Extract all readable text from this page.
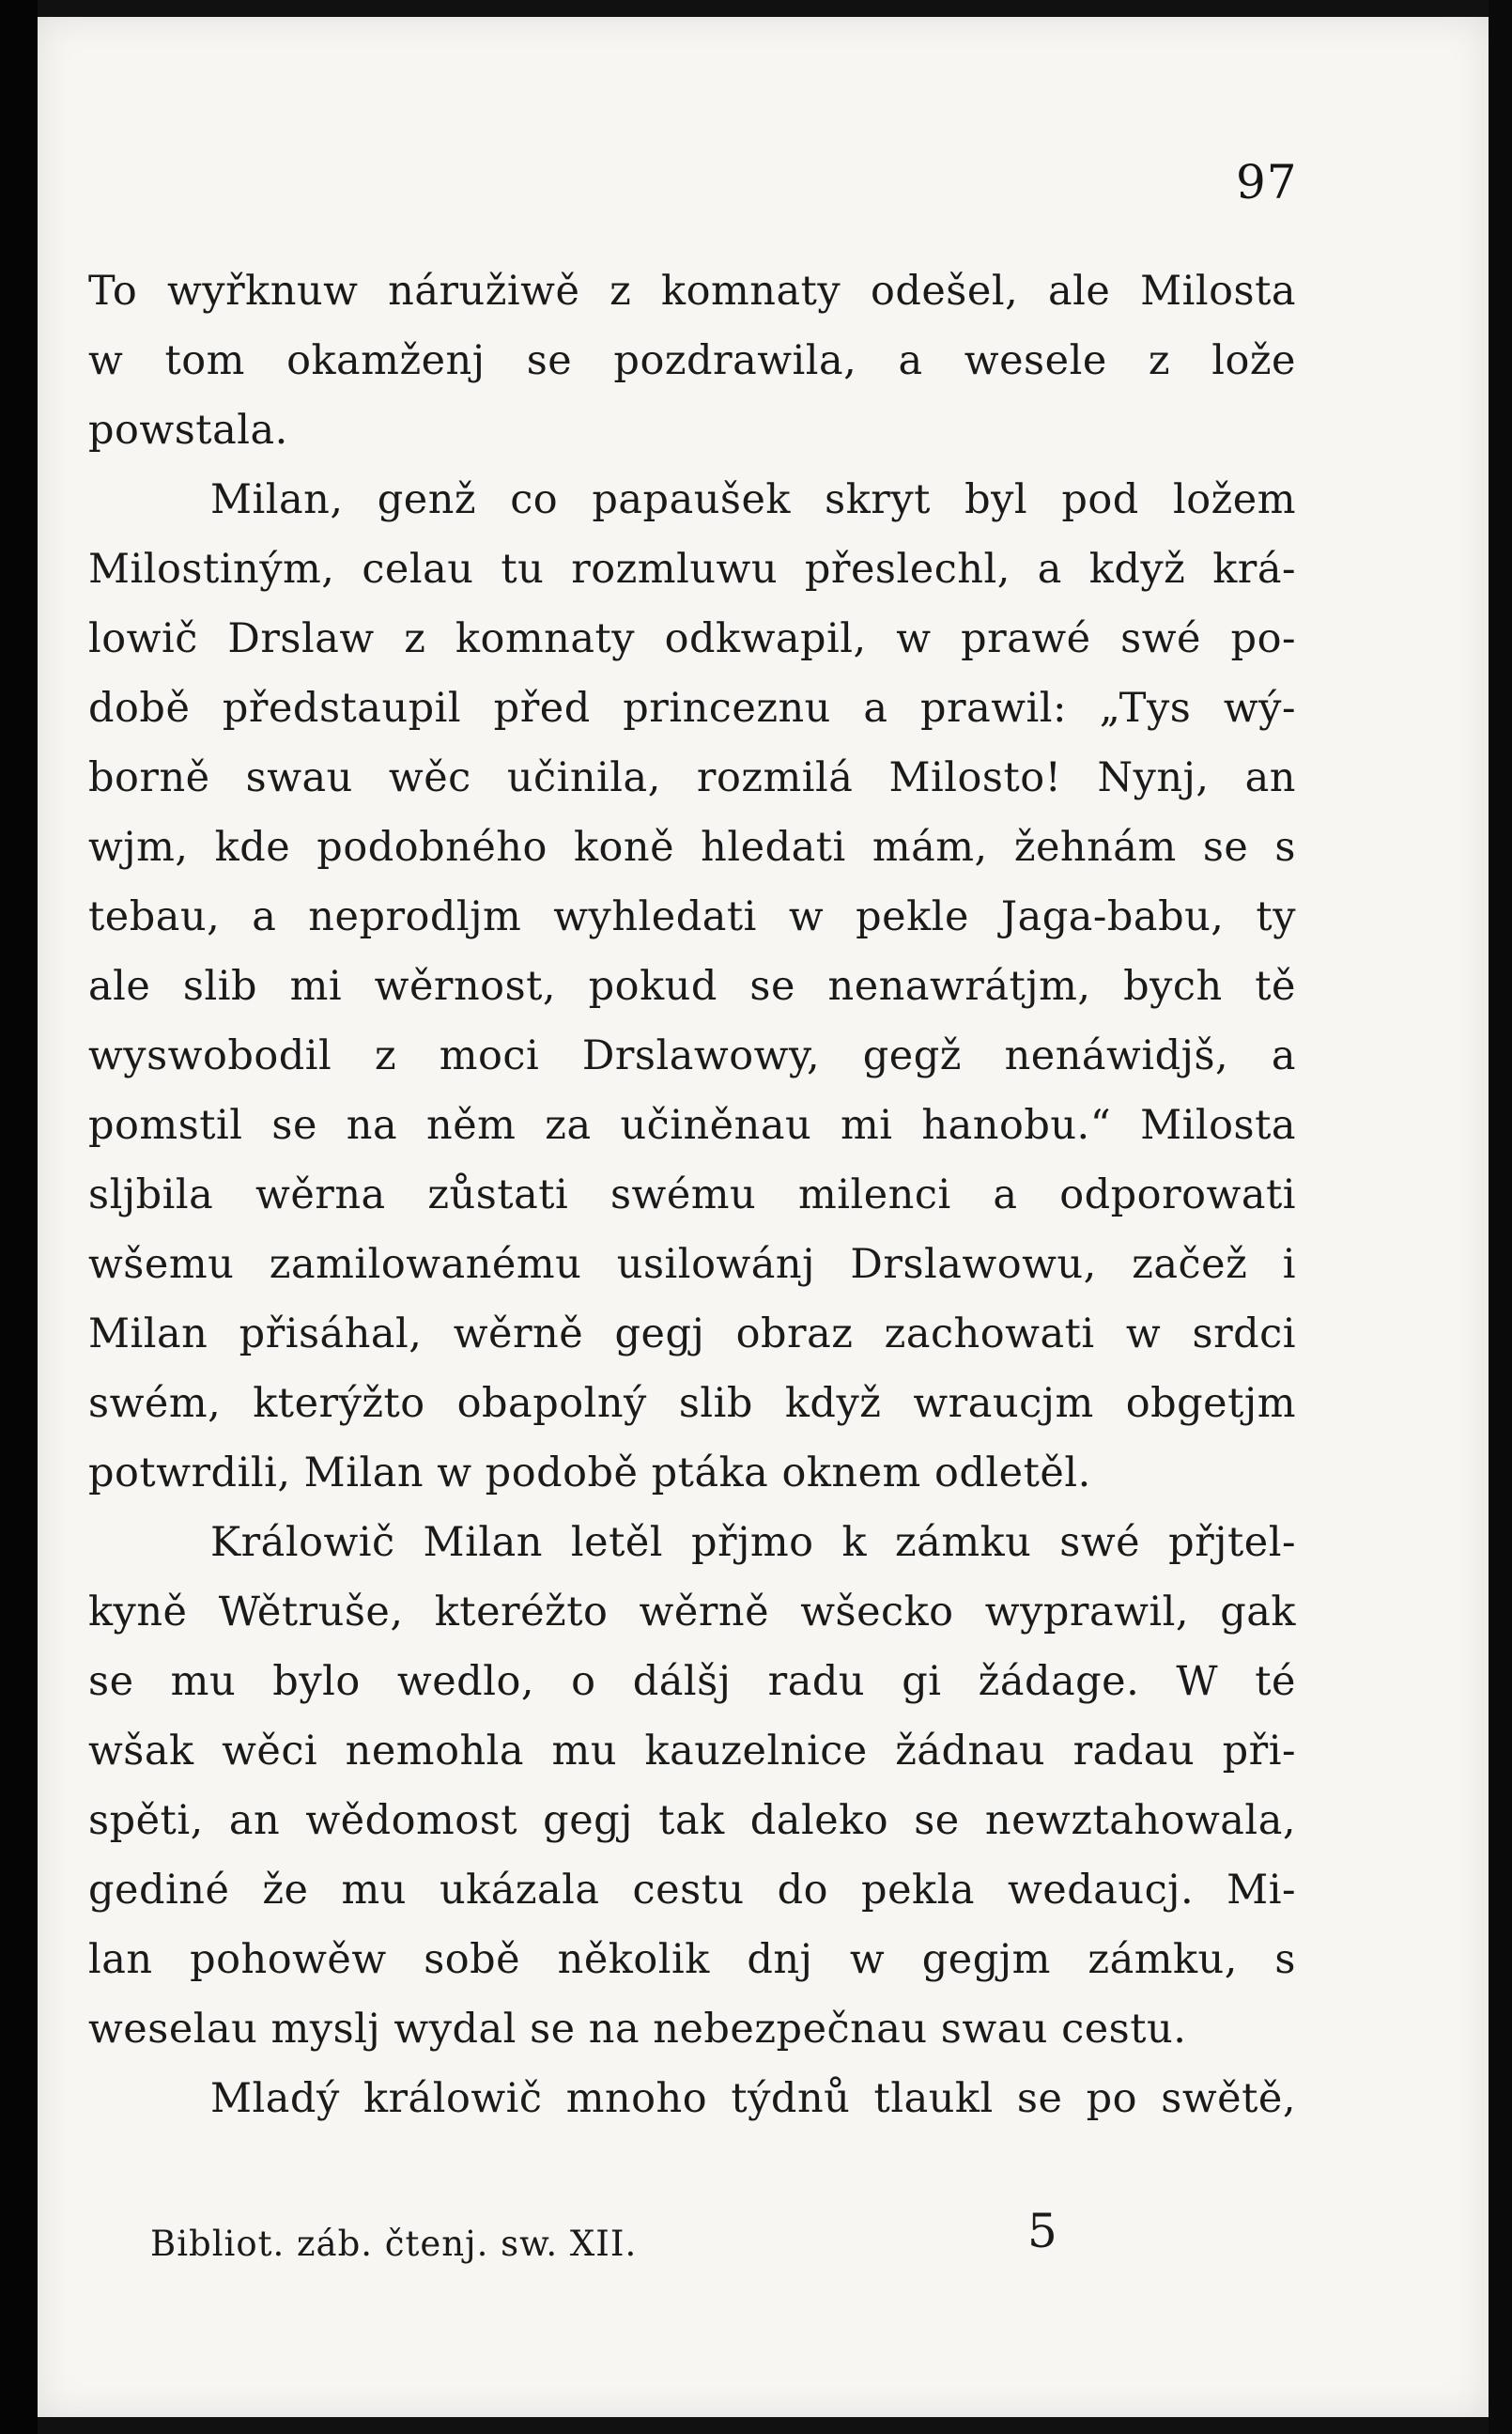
97
To wyřknuw náružiwě z komnaty odešel, ale Milosta
w tom okamženj se pozdrawila, a wesele z lože
powstala.
Milan, genž co papaušek skryt byl pod ložem
Milostiným, celau tu rozmluwu přeslechl, a když krá-
lowič Drslaw z komnaty odkwapil, w prawé swé po-
době předstaupil před princeznu a prawil: „Tys wý-
borně swau wěc učinila, rozmilá Milosto! Nynj, an
wjm, kde podobného koně hledati mám, žehnám se s
tebau, a neprodljm wyhledati w pekle Jaga-babu, ty
ale slib mi wěrnost, pokud se nenawrátjm, bych tě
wyswobodil z moci Drslawowy, gegž nenáwidjš, a
pomstil se na něm za učiněnau mi hanobu.“ Milosta
sljbila wěrna zůstati swému milenci a odporowati
wšemu zamilowanému usilowánj Drslawowu, začež i
Milan přisáhal, wěrně gegj obraz zachowati w srdci
swém, kterýžto obapolný slib když wraucjm obgetjm
potwrdili, Milan w podobě ptáka oknem odletěl.
Králowič Milan letěl přjmo k zámku swé přjtel-
kyně Wětruše, kteréžto wěrně wšecko wyprawil, gak
se mu bylo wedlo, o dálšj radu gi žádage. W té
wšak wěci nemohla mu kauzelnice žádnau radau při-
spěti, an wědomost gegj tak daleko se newztahowala,
gediné že mu ukázala cestu do pekla wedaucj. Mi-
lan pohowěw sobě několik dnj w gegjm zámku, s
weselau myslj wydal se na nebezpečnau swau cestu.
Mladý králowič mnoho týdnů tlaukl se po swětě,
Bibliot. záb. čtenj. sw. XII.	5
